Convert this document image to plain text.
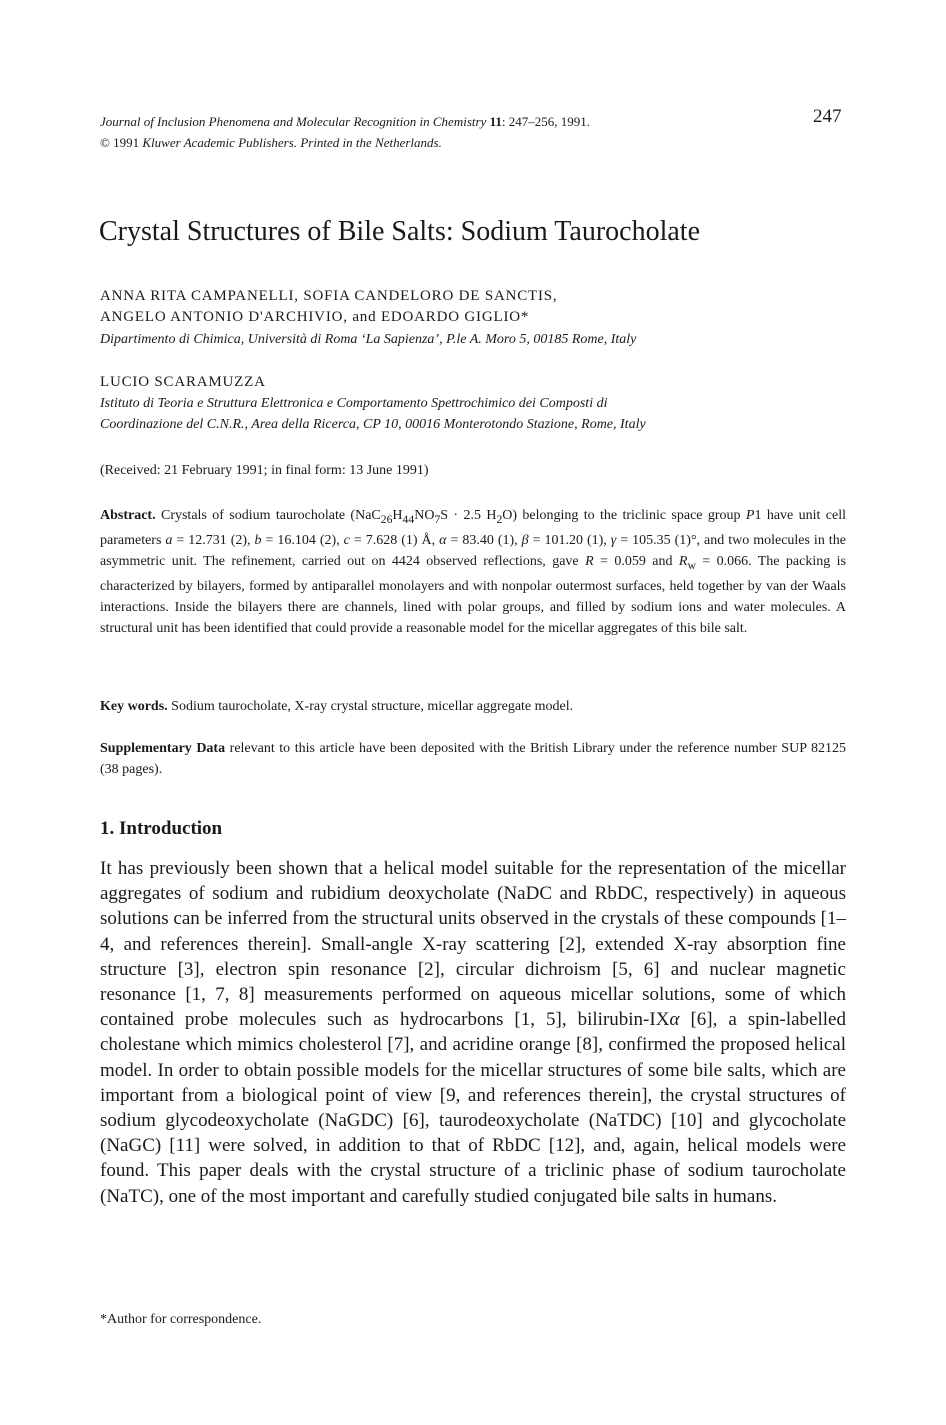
Journal of Inclusion Phenomena and Molecular Recognition in Chemistry 11: 247–256, 1991.
© 1991 Kluwer Academic Publishers. Printed in the Netherlands.
247
Crystal Structures of Bile Salts: Sodium Taurocholate
ANNA RITA CAMPANELLI, SOFIA CANDELORO DE SANCTIS,
ANGELO ANTONIO D'ARCHIVIO, and EDOARDO GIGLIO*
Dipartimento di Chimica, Università di Roma ‘La Sapienza’, P.le A. Moro 5, 00185 Rome, Italy
LUCIO SCARAMUZZA
Istituto di Teoria e Struttura Elettronica e Comportamento Spettrochimico dei Composti di
Coordinazione del C.N.R., Area della Ricerca, CP 10, 00016 Monterotondo Stazione, Rome, Italy
(Received: 21 February 1991; in final form: 13 June 1991)
Abstract. Crystals of sodium taurocholate ($NaC_{26}H_{44}NO_7S \cdot 2.5$ $H_2O$) belonging to the triclinic space group P1 have unit cell parameters a = 12.731 (2), b = 16.104 (2), c = 7.628 (1) Å, α = 83.40 (1), β = 101.20 (1), γ = 105.35 (1)°, and two molecules in the asymmetric unit. The refinement, carried out on 4424 observed reflections, gave R = 0.059 and $R_w = 0.066$. The packing is characterized by bilayers, formed by antiparallel monolayers and with nonpolar outermost surfaces, held together by van der Waals interactions. Inside the bilayers there are channels, lined with polar groups, and filled by sodium ions and water molecules. A structural unit has been identified that could provide a reasonable model for the micellar aggregates of this bile salt.
Key words. Sodium taurocholate, X-ray crystal structure, micellar aggregate model.
Supplementary Data relevant to this article have been deposited with the British Library under the reference number SUP 82125 (38 pages).
1. Introduction
It has previously been shown that a helical model suitable for the representation of the micellar aggregates of sodium and rubidium deoxycholate (NaDC and RbDC, respectively) in aqueous solutions can be inferred from the structural units observed in the crystals of these compounds [1–4, and references therein]. Small-angle X-ray scattering [2], extended X-ray absorption fine structure [3], electron spin resonance [2], circular dichroism [5, 6] and nuclear magnetic resonance [1, 7, 8] measurements performed on aqueous micellar solutions, some of which contained probe molecules such as hydrocarbons [1, 5], bilirubin-IXα [6], a spin-labelled cholestane which mimics cholesterol [7], and acridine orange [8], confirmed the proposed helical model. In order to obtain possible models for the micellar structures of some bile salts, which are important from a biological point of view [9, and references therein], the crystal structures of sodium glycodeoxycholate (NaGDC) [6], taurodeoxycholate (NaTDC) [10] and glycocholate (NaGC) [11] were solved, in addition to that of RbDC [12], and, again, helical models were found. This paper deals with the crystal structure of a triclinic phase of sodium taurocholate (NaTC), one of the most important and carefully studied conjugated bile salts in humans.
*Author for correspondence.
